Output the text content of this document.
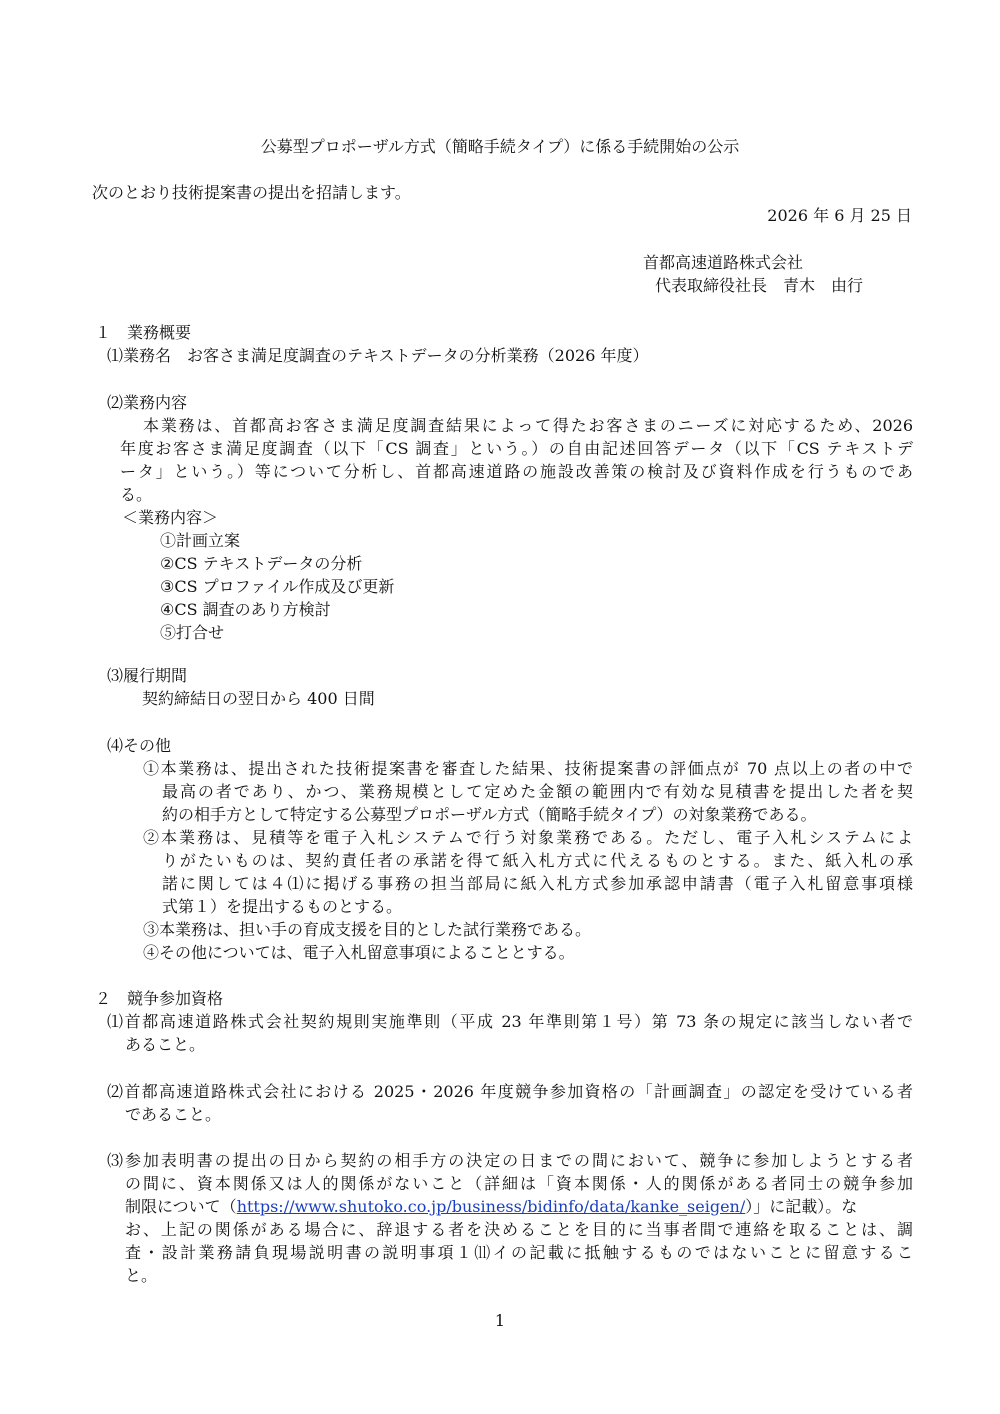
公募型プロポーザル方式（簡略手続タイプ）に係る手続開始の公示
次のとおり技術提案書の提出を招請します。
2026 年 6 月 25 日
首都高速道路株式会社
代表取締役社長　青木　由行
１　業務概要
⑴業務名　お客さま満足度調査のテキストデータの分析業務（2026 年度）
⑵業務内容
本業務は、首都高お客さま満足度調査結果によって得たお客さまのニーズに対応するため、2026
年度お客さま満足度調査（以下「CS 調査」という。）の自由記述回答データ（以下「CS テキストデ
ータ」という。）等について分析し、首都高速道路の施設改善策の検討及び資料作成を行うものであ
る。
＜業務内容＞
①計画立案
②CS テキストデータの分析
③CS プロファイル作成及び更新
④CS 調査のあり方検討
⑤打合せ
⑶履行期間
契約締結日の翌日から 400 日間
⑷その他
①本業務は、提出された技術提案書を審査した結果、技術提案書の評価点が 70 点以上の者の中で
最高の者であり、かつ、業務規模として定めた金額の範囲内で有効な見積書を提出した者を契
約の相手方として特定する公募型プロポーザル方式（簡略手続タイプ）の対象業務である。
②本業務は、見積等を電子入札システムで行う対象業務である。ただし、電子入札システムによ
りがたいものは、契約責任者の承諾を得て紙入札方式に代えるものとする。また、紙入札の承
諾に関しては４⑴に掲げる事務の担当部局に紙入札方式参加承認申請書（電子入札留意事項様
式第１）を提出するものとする。
③本業務は、担い手の育成支援を目的とした試行業務である。
④その他については、電子入札留意事項によることとする。
２　競争参加資格
⑴首都高速道路株式会社契約規則実施準則（平成 23 年準則第１号）第 73 条の規定に該当しない者で
あること。
⑵首都高速道路株式会社における 2025・2026 年度競争参加資格の「計画調査」の認定を受けている者
であること。
⑶参加表明書の提出の日から契約の相手方の決定の日までの間において、競争に参加しようとする者
の間に、資本関係又は人的関係がないこと（詳細は「資本関係・人的関係がある者同士の競争参加
制限について（https://www.shutoko.co.jp/business/bidinfo/data/kanke_seigen/）」に記載）。な
お、上記の関係がある場合に、辞退する者を決めることを目的に当事者間で連絡を取ることは、調
査・設計業務請負現場説明書の説明事項１⑾イの記載に抵触するものではないことに留意するこ
と。
1
